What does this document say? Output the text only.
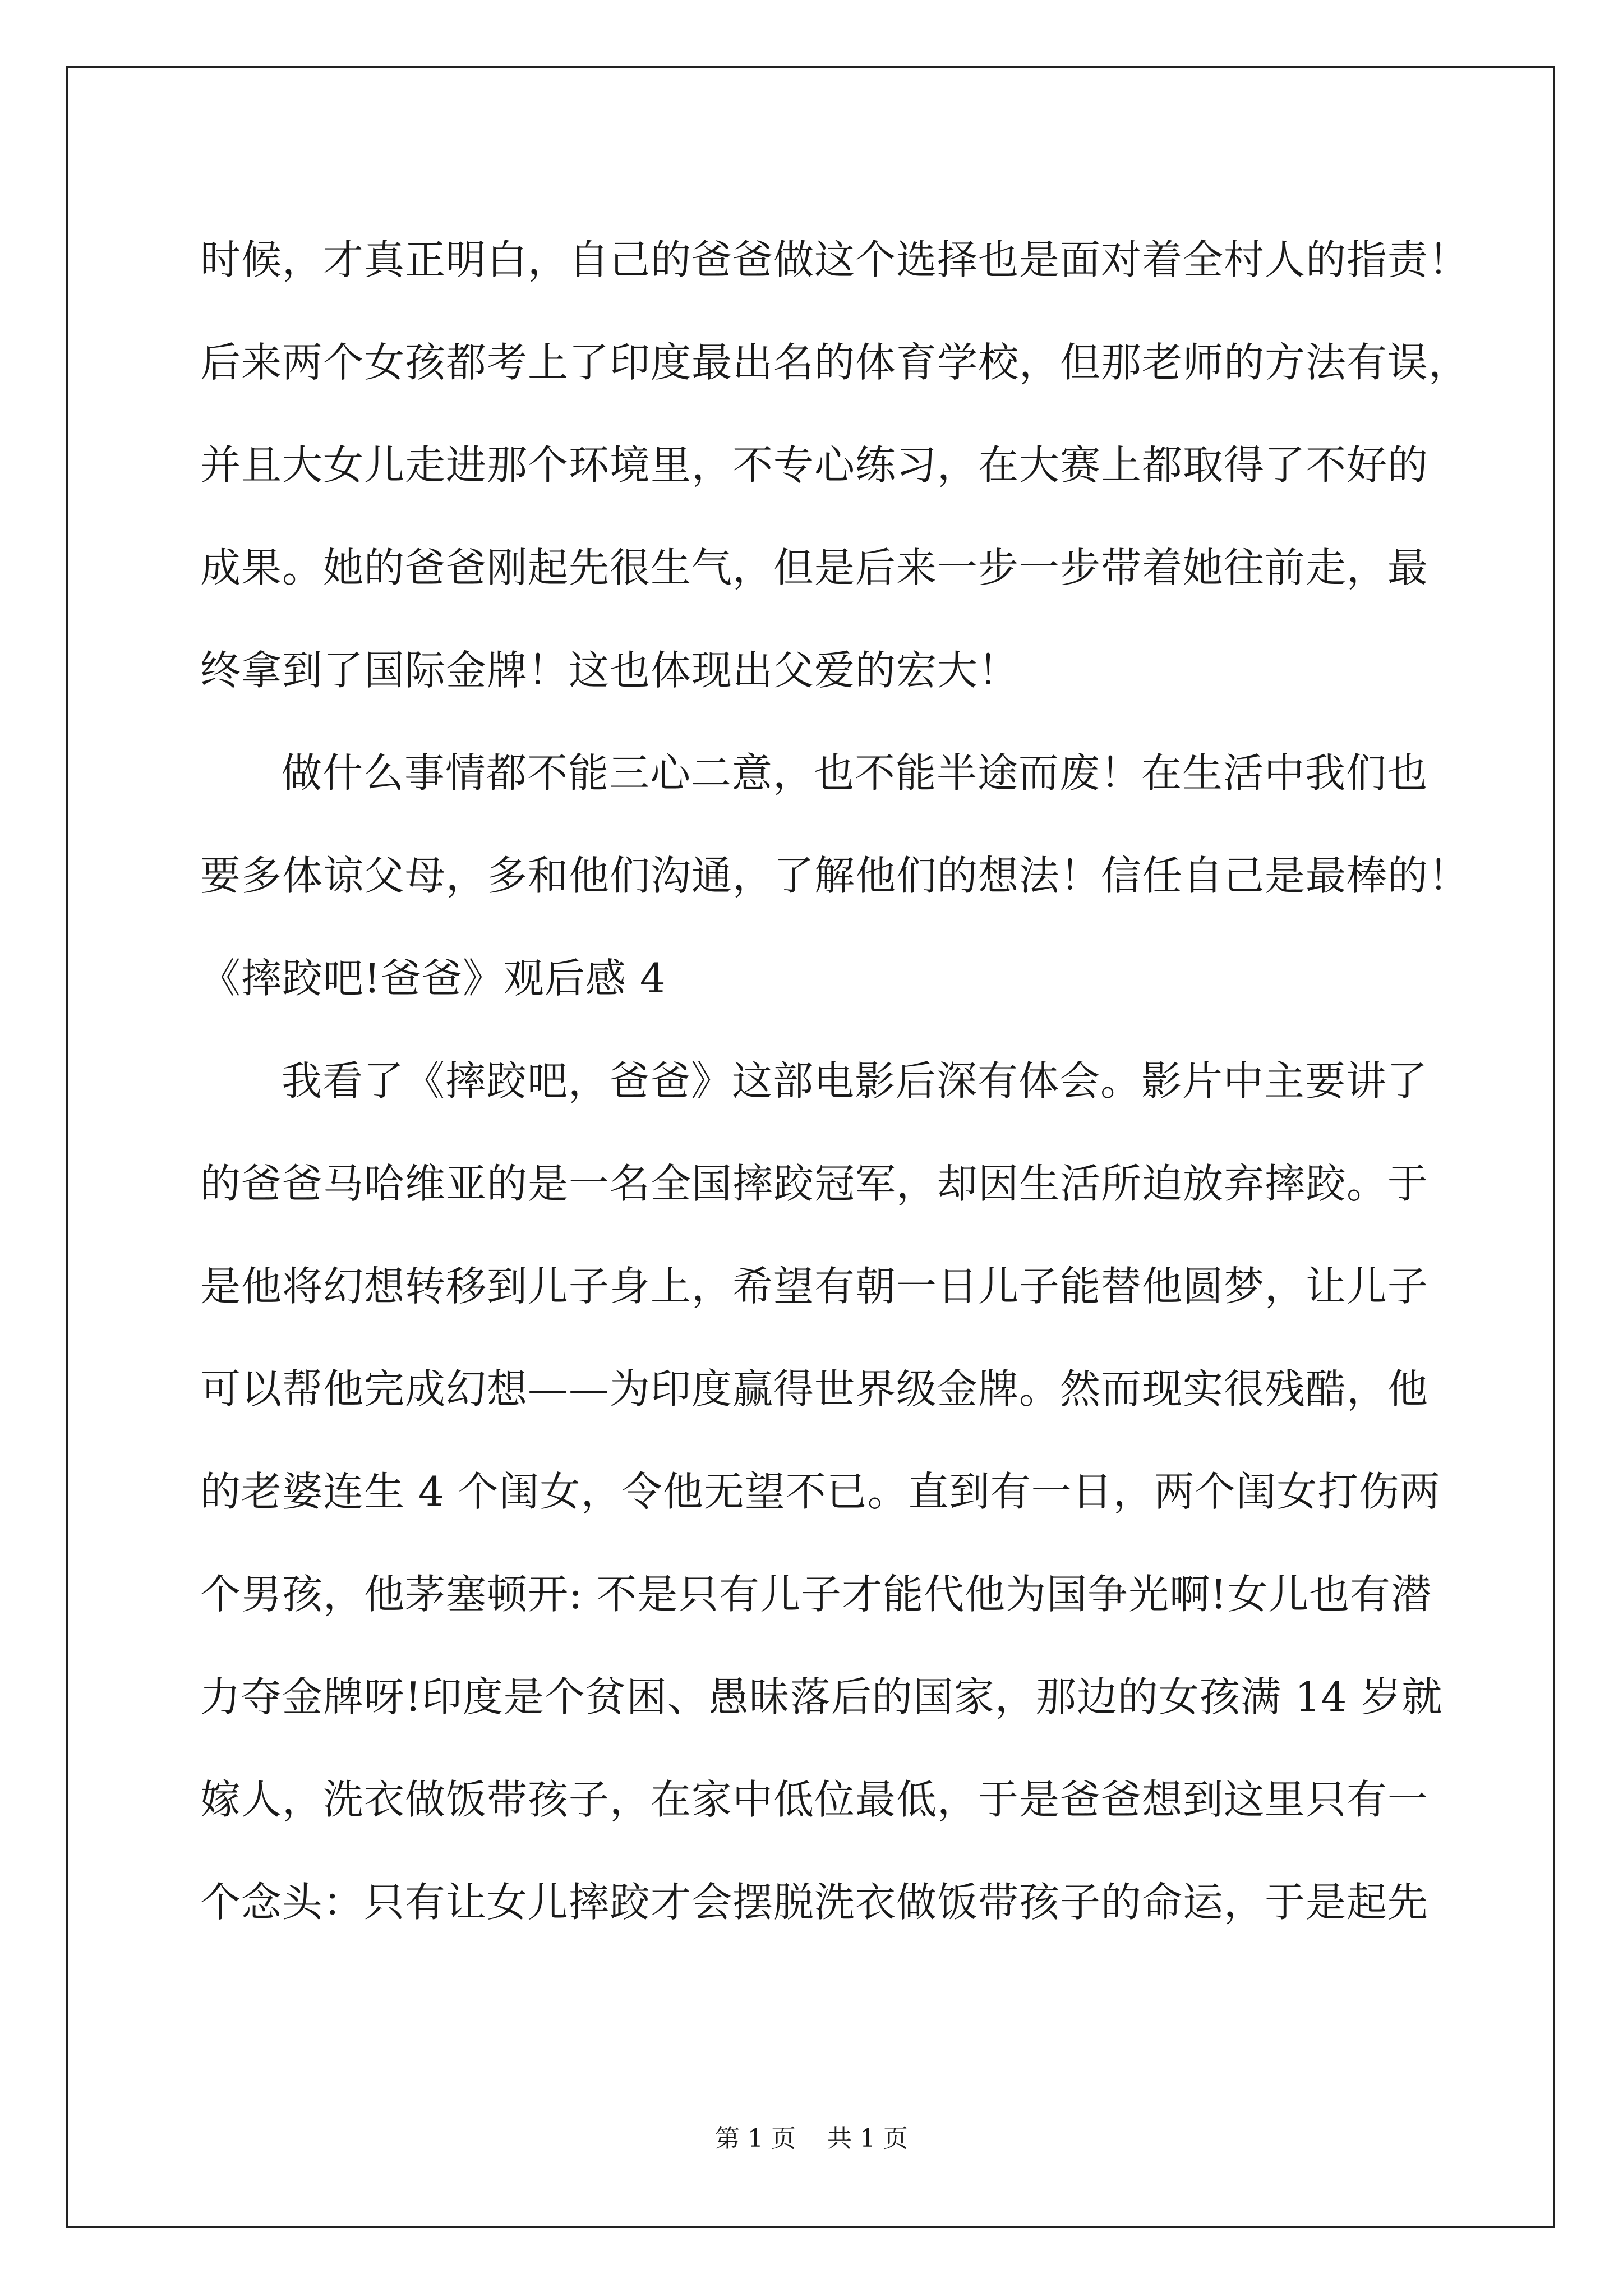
时候，才真正明白，自己的爸爸做这个选择也是面对着全村人的指责！
后来两个女孩都考上了印度最出名的体育学校，但那老师的方法有误，
并且大女儿走进那个环境里，不专心练习，在大赛上都取得了不好的
成果。她的爸爸刚起先很生气，但是后来一步一步带着她往前走，最
终拿到了国际金牌！这也体现出父爱的宏大！
做什么事情都不能三心二意，也不能半途而废！在生活中我们也
要多体谅父母，多和他们沟通，了解他们的想法！信任自己是最棒的！
《摔跤吧!爸爸》观后感 4
我看了《摔跤吧，爸爸》这部电影后深有体会。影片中主要讲了
的爸爸马哈维亚的是一名全国摔跤冠军，却因生活所迫放弃摔跤。于
是他将幻想转移到儿子身上，希望有朝一日儿子能替他圆梦，让儿子
可以帮他完成幻想——为印度赢得世界级金牌。然而现实很残酷，他
的老婆连生 4 个闺女，令他无望不已。直到有一日，两个闺女打伤两
个男孩，他茅塞顿开: 不是只有儿子才能代他为国争光啊!女儿也有潜
力夺金牌呀!印度是个贫困、愚昧落后的国家，那边的女孩满 14 岁就
嫁人，洗衣做饭带孩子，在家中低位最低，于是爸爸想到这里只有一
个念头：只有让女儿摔跤才会摆脱洗衣做饭带孩子的命运，于是起先
第 1 页    共 1 页
